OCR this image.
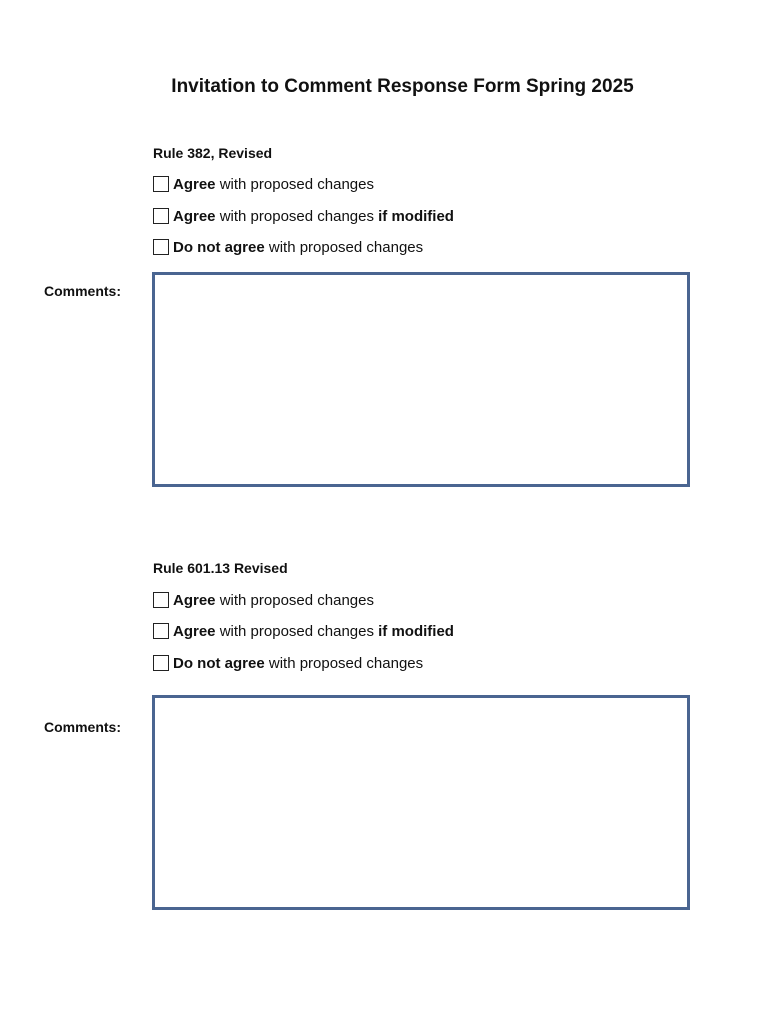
Invitation to Comment Response Form Spring 2025
Rule 382, Revised
Agree with proposed changes
Agree with proposed changes if modified
Do not agree with proposed changes
Comments:
Rule 601.13 Revised
Agree with proposed changes
Agree with proposed changes if modified
Do not agree with proposed changes
Comments:
